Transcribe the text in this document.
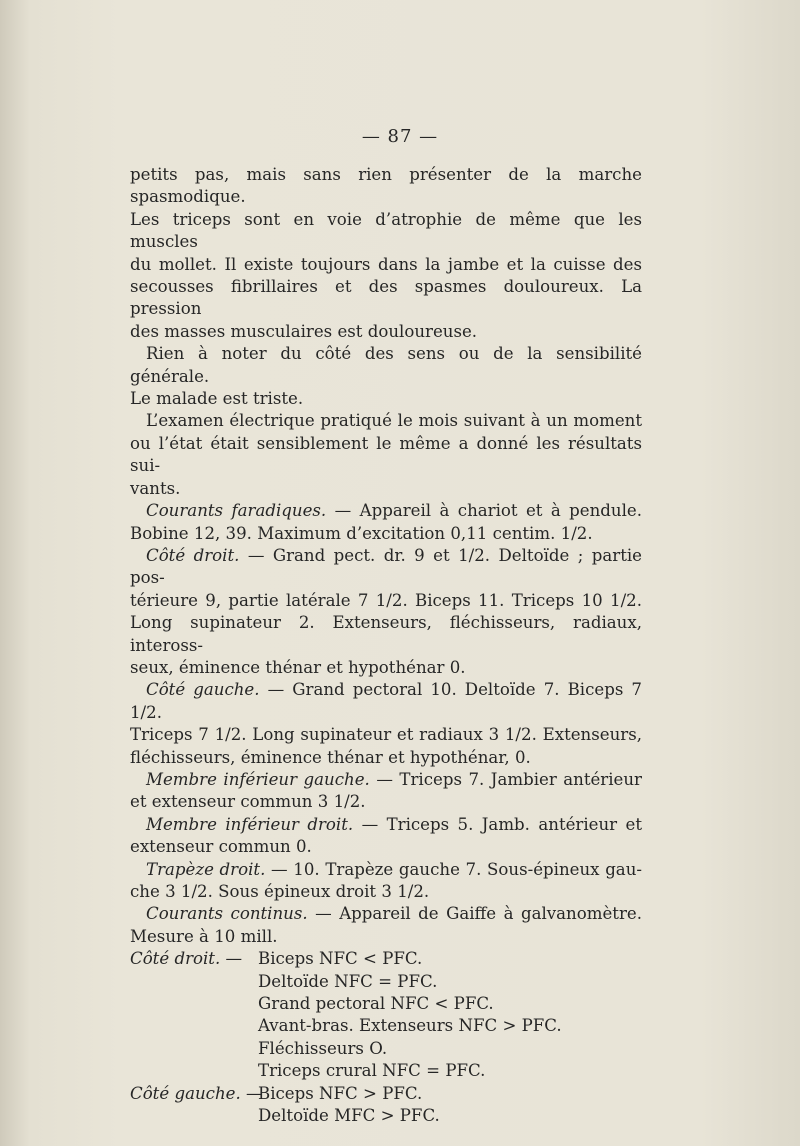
— 87 —
petits pas, mais sans rien présenter de la marche spasmodique.
Les triceps sont en voie d’atrophie de même que les muscles
du mollet. Il existe toujours dans la jambe et la cuisse des
secousses fibrillaires et des spasmes douloureux. La pression
des masses musculaires est douloureuse.
Rien à noter du côté des sens ou de la sensibilité générale.
Le malade est triste.
L’examen électrique pratiqué le mois suivant à un moment
ou l’état était sensiblement le même a donné les résultats sui-
vants.
Courants faradiques. — Appareil à chariot et à pendule.
Bobine 12, 39. Maximum d’excitation 0,11 centim. 1/2.
Côté droit. — Grand pect. dr. 9 et 1/2. Deltoïde ; partie pos-
térieure 9, partie latérale 7 1/2. Biceps 11. Triceps 10 1/2.
Long supinateur 2. Extenseurs, fléchisseurs, radiaux, inteross-
seux, éminence thénar et hypothénar 0.
Côté gauche. — Grand pectoral 10. Deltoïde 7. Biceps 7 1/2.
Triceps 7 1/2. Long supinateur et radiaux 3 1/2. Extenseurs,
fléchisseurs, éminence thénar et hypothénar, 0.
Membre inférieur gauche. — Triceps 7. Jambier antérieur
et extenseur commun 3 1/2.
Membre inférieur droit. — Triceps 5. Jamb. antérieur et
extenseur commun 0.
Trapèze droit. — 10. Trapèze gauche 7. Sous-épineux gau-
che 3 1/2. Sous épineux droit 3 1/2.
Courants continus. — Appareil de Gaiffe à galvanomètre.
Mesure à 10 mill.
Côté droit. — Biceps NFC < PFC.
Deltoïde NFC = PFC.
Grand pectoral NFC < PFC.
Avant-bras. Extenseurs NFC > PFC.
Fléchisseurs O.
Triceps crural NFC = PFC.
Côté gauche. —
Biceps NFC > PFC.
Deltoïde MFC > PFC.
